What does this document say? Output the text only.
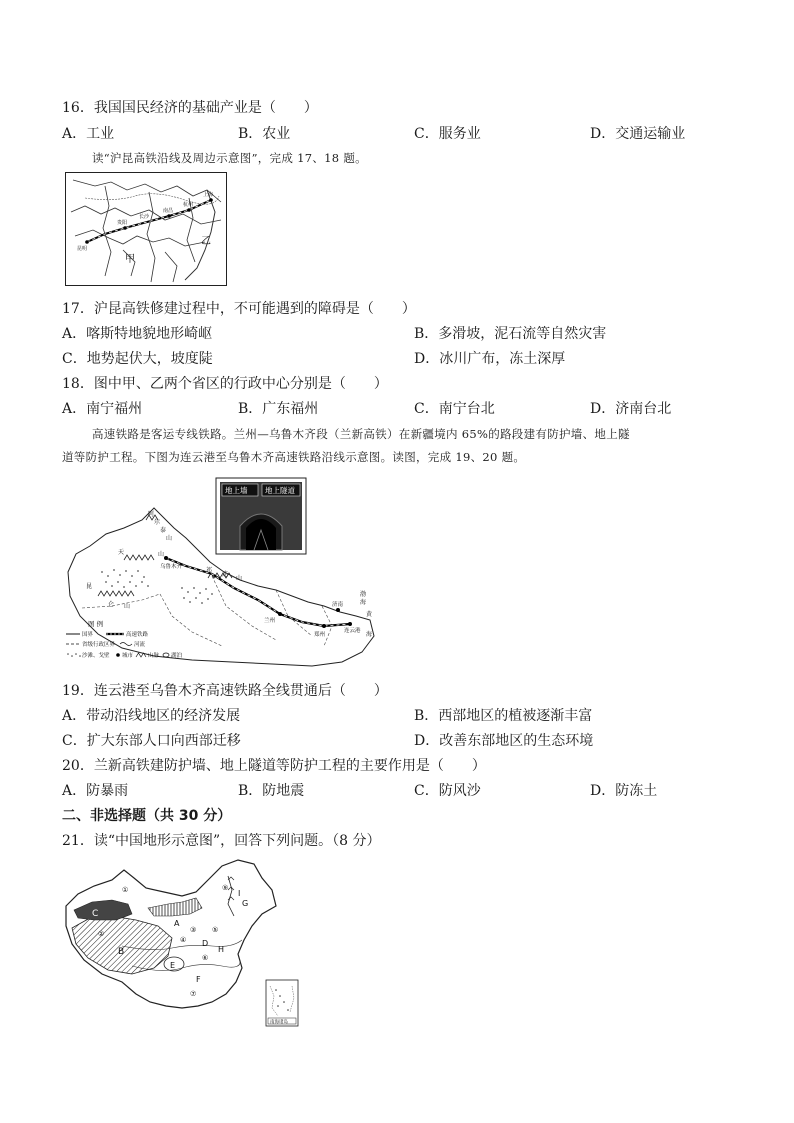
16．我国国民经济的基础产业是（　　）
A．工业	B．农业	C．服务业	D．交通运输业
读“沪昆高铁沿线及周边示意图”，完成 17、18 题。
甲
乙
上海
杭州
南昌
长沙
贵阳
昆明
17．沪昆高铁修建过程中，不可能遇到的障碍是（　　）
A．喀斯特地貌地形崎岖	B．多滑坡，泥石流等自然灾害
C．地势起伏大，坡度陡	D．冰川广布，冻土深厚
18．图中甲、乙两个省区的行政中心分别是（　　）
A．南宁福州	B．广东福州	C．南宁台北	D．济南台北
高速铁路是客运专线铁路。兰州—乌鲁木齐段（兰新高铁）在新疆境内 65%的路段建有防护墙、地上隧
道等防护工程。下图为连云港至乌鲁木齐高速铁路沿线示意图。读图，完成 19、20 题。
地上墙 地上隧道
阿
尔
泰
山
天	山
昆
仑 山
祁
连
山
渤
海
黄
海
兰州
郑州
济南
连云港
乌鲁木齐
图 例
国界	高速铁路
省级行政区界	河流
沙滩、戈壁 城市	山脉 湖泊
19．连云港至乌鲁木齐高速铁路全线贯通后（　　）
A．带动沿线地区的经济发展	B．西部地区的植被逐渐丰富
C．扩大东部人口向西部迁移	D．改善东部地区的生态环境
20．兰新高铁建防护墙、地上隧道等防护工程的主要作用是（　　）
A．防暴雨	B．防地震	C．防风沙	D．防冻土
二、非选择题（共 30 分）
21．读“中国地形示意图”，回答下列问题。（8 分）
C
B
A
D
E
F
G
H
I
①
②	③
④
⑤
⑥
⑦
⑧
⑨
南海诸岛
